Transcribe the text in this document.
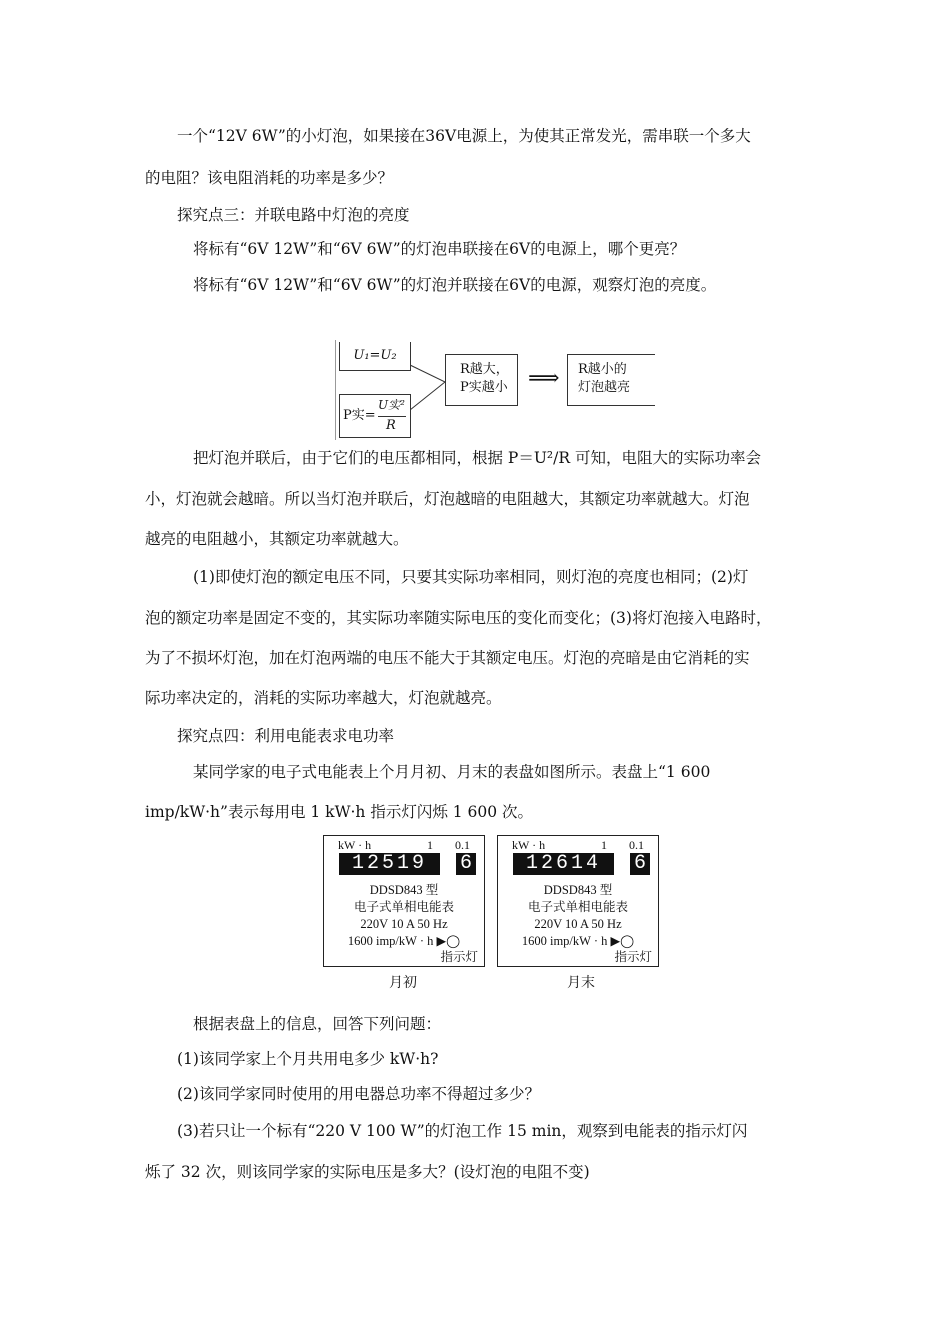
一个“12V 6W”的小灯泡，如果接在36V电源上，为使其正常发光，需串联一个多大
的电阻？该电阻消耗的功率是多少？
探究点三：并联电路中灯泡的亮度
将标有“6V 12W”和“6V 6W”的灯泡串联接在6V的电源上，哪个更亮？
将标有“6V 12W”和“6V 6W”的灯泡并联接在6V的电源，观察灯泡的亮度。
U₁=U₂
P实=
U实²
R
R越大，
P实越小 ⟹ R越小的
灯泡越亮
把灯泡并联后，由于它们的电压都相同，根据 P＝U²/R 可知，电阻大的实际功率会
小，灯泡就会越暗。所以当灯泡并联后，灯泡越暗的电阻越大，其额定功率就越大。灯泡
越亮的电阻越小，其额定功率就越大。
(1)即使灯泡的额定电压不同，只要其实际功率相同，则灯泡的亮度也相同；(2)灯
泡的额定功率是固定不变的，其实际功率随实际电压的变化而变化；(3)将灯泡接入电路时，
为了不损坏灯泡，加在灯泡两端的电压不能大于其额定电压。灯泡的亮暗是由它消耗的实
际功率决定的，消耗的实际功率越大，灯泡就越亮。
探究点四：利用电能表求电功率
某同学家的电子式电能表上个月月初、月末的表盘如图所示。表盘上“1 600
imp/kW·h”表示每用电 1 kW·h 指示灯闪烁 1 600 次。
kW · h	1 0.1
12519	6
DDSD843 型
电子式单相电能表
220V 10 A 50 Hz
1600 imp/kW · h ▶◯
指示灯
月初
kW · h	1 0.1
12614	6
DDSD843 型
电子式单相电能表
220V 10 A 50 Hz
1600 imp/kW · h ▶◯
指示灯
月末
根据表盘上的信息，回答下列问题：
(1)该同学家上个月共用电多少 kW·h?
(2)该同学家同时使用的用电器总功率不得超过多少？
(3)若只让一个标有“220 V 100 W”的灯泡工作 15 min，观察到电能表的指示灯闪
烁了 32 次，则该同学家的实际电压是多大？(设灯泡的电阻不变)
